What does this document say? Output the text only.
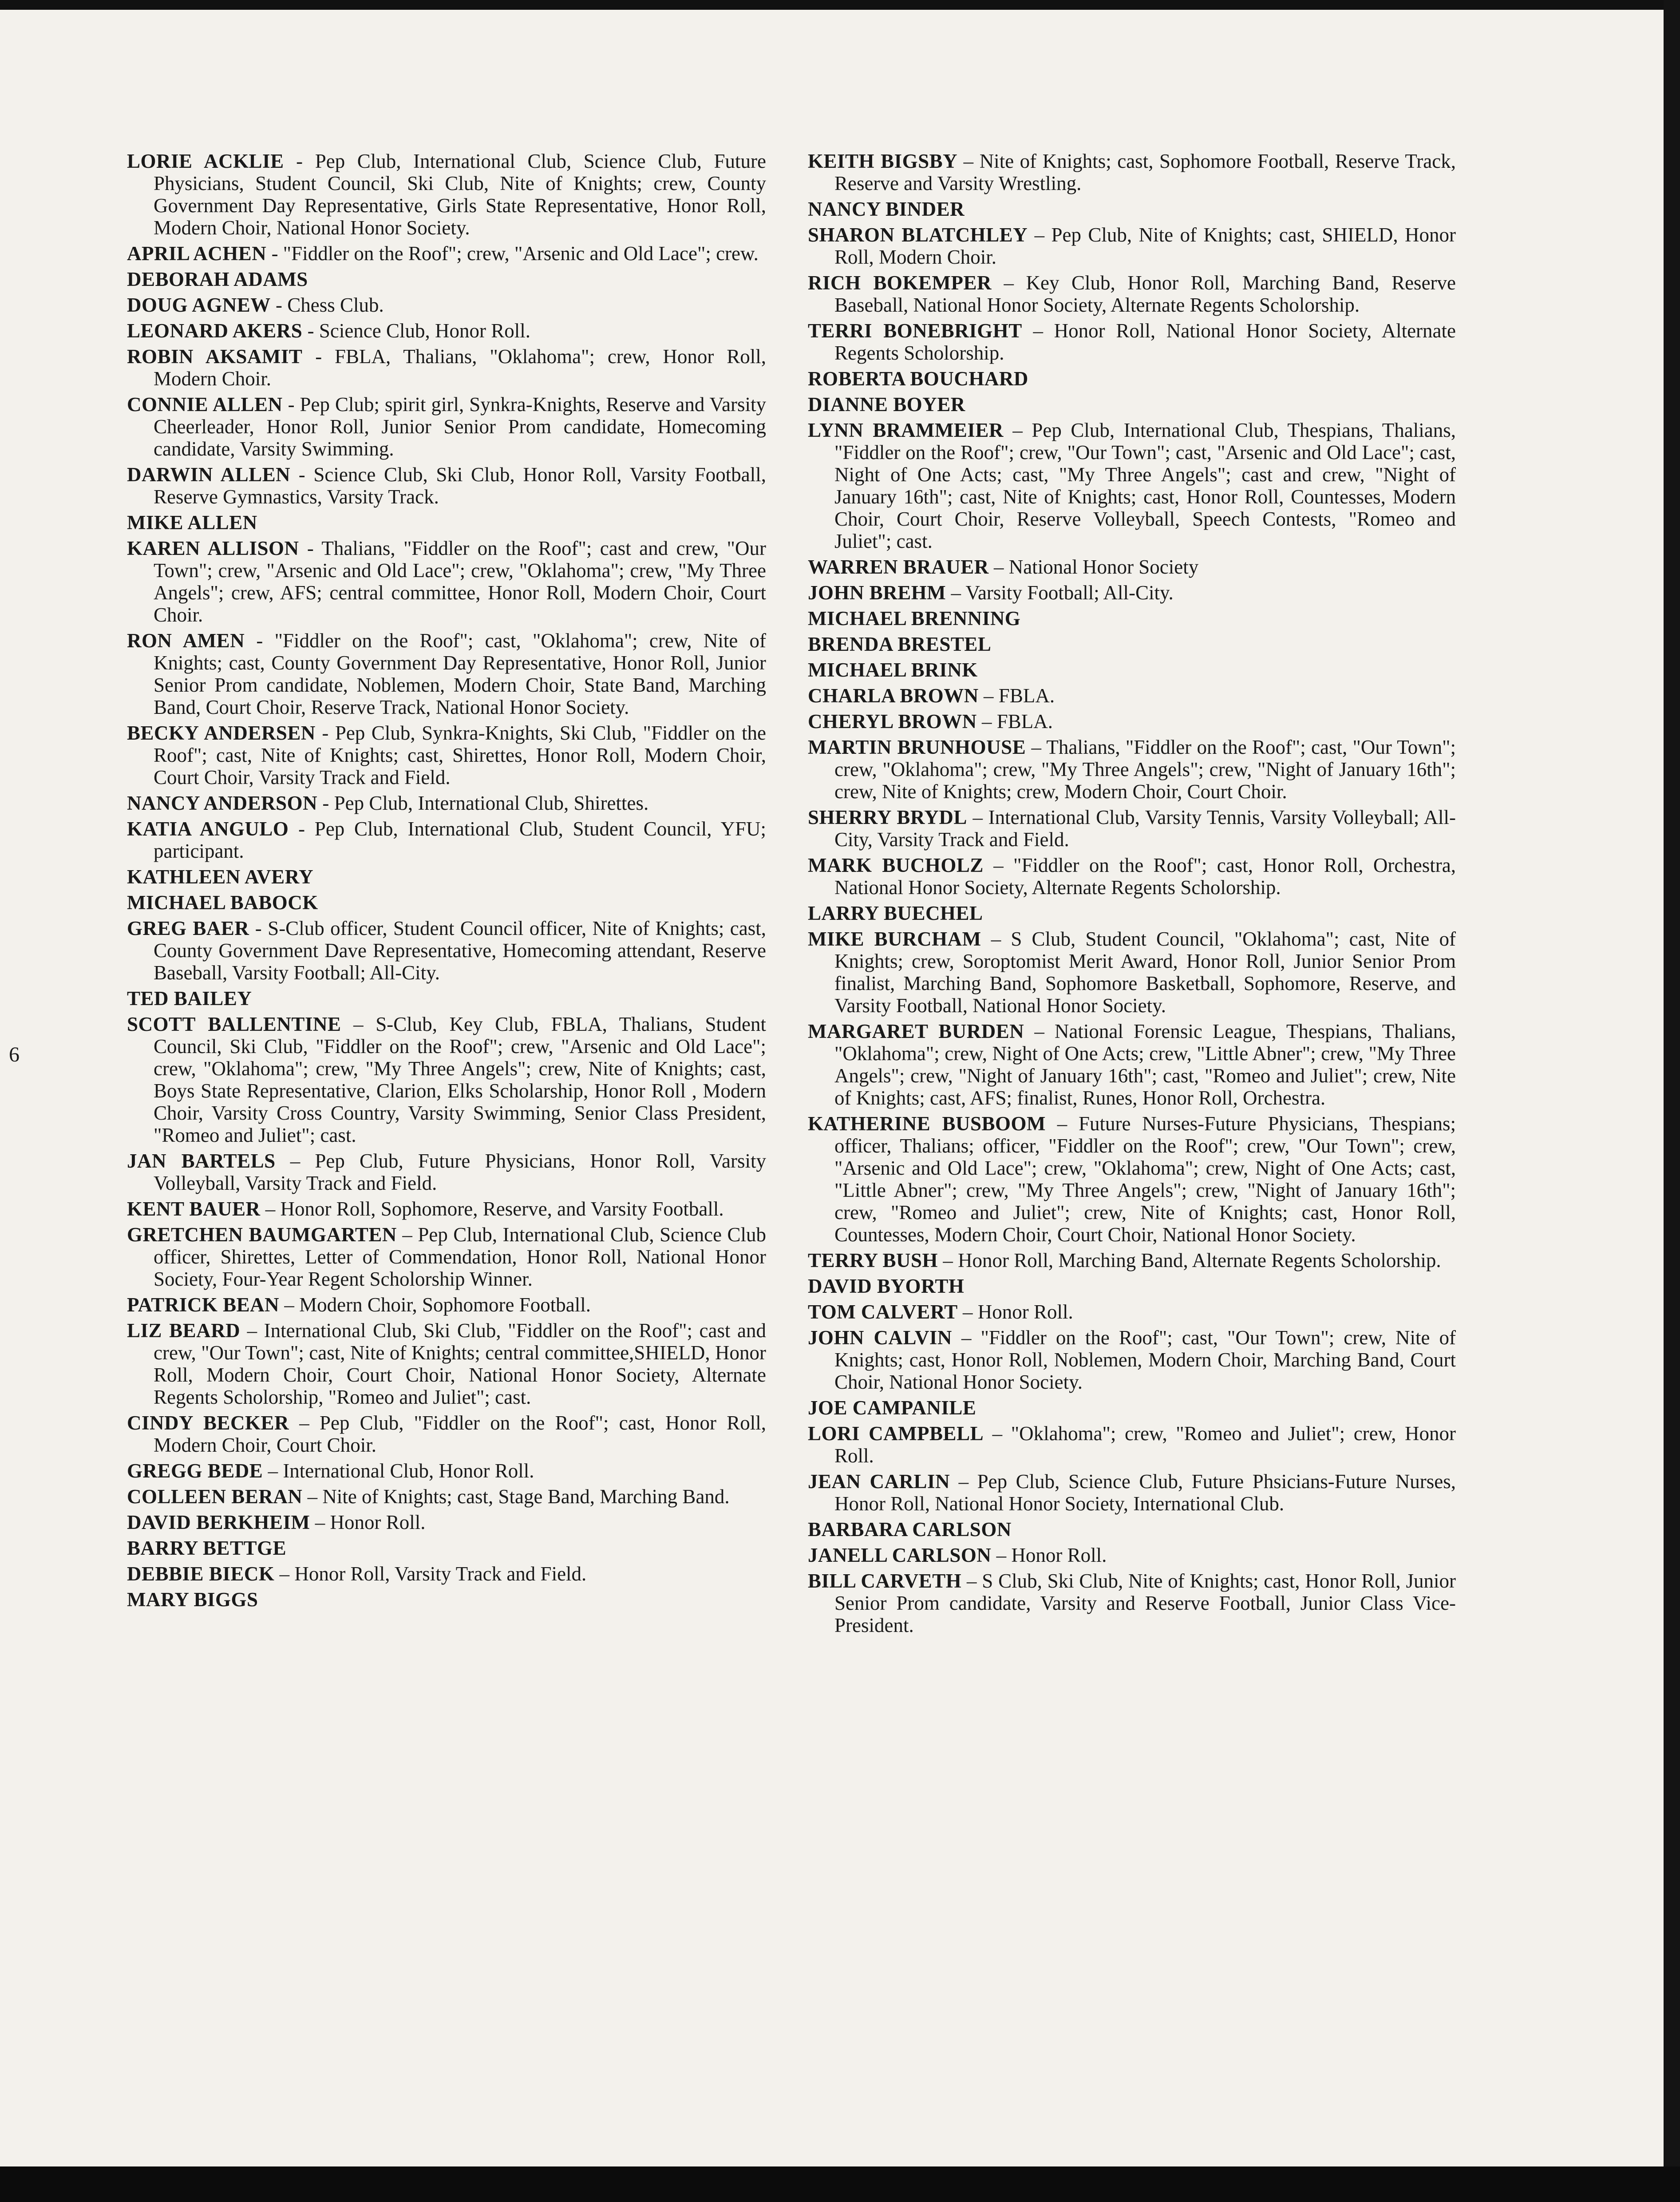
6

LORIE ACKLIE - Pep Club, International Club, Science Club, Future Physicians, Student Council, Ski Club, Nite of Knights; crew, County Government Day Representative, Girls State Representative, Honor Roll, Modern Choir, National Honor Society.

APRIL ACHEN - "Fiddler on the Roof"; crew, "Arsenic and Old Lace"; crew.

DEBORAH ADAMS

DOUG AGNEW - Chess Club.

LEONARD AKERS - Science Club, Honor Roll.

ROBIN AKSAMIT - FBLA, Thalians, "Oklahoma"; crew, Honor Roll, Modern Choir.

CONNIE ALLEN - Pep Club; spirit girl, Synkra-Knights, Reserve and Varsity Cheerleader, Honor Roll, Junior Senior Prom candidate, Homecoming candidate, Varsity Swimming.

DARWIN ALLEN - Science Club, Ski Club, Honor Roll, Varsity Football, Reserve Gymnastics, Varsity Track.

MIKE ALLEN

KAREN ALLISON - Thalians, "Fiddler on the Roof"; cast and crew, "Our Town"; crew, "Arsenic and Old Lace"; crew, "Oklahoma"; crew, "My Three Angels"; crew, AFS; central committee, Honor Roll, Modern Choir, Court Choir.

RON AMEN - "Fiddler on the Roof"; cast, "Oklahoma"; crew, Nite of Knights; cast, County Government Day Representative, Honor Roll, Junior Senior Prom candidate, Noblemen, Modern Choir, State Band, Marching Band, Court Choir, Reserve Track, National Honor Society.

BECKY ANDERSEN - Pep Club, Synkra-Knights, Ski Club, "Fiddler on the Roof"; cast, Nite of Knights; cast, Shirettes, Honor Roll, Modern Choir, Court Choir, Varsity Track and Field.

NANCY ANDERSON - Pep Club, International Club, Shirettes.

KATIA ANGULO - Pep Club, International Club, Student Council, YFU; participant.

KATHLEEN AVERY

MICHAEL BABOCK

GREG BAER - S-Club officer, Student Council officer, Nite of Knights; cast, County Government Dave Representative, Homecoming attendant, Reserve Baseball, Varsity Football; All-City.

TED BAILEY

SCOTT BALLENTINE – S-Club, Key Club, FBLA, Thalians, Student Council, Ski Club, "Fiddler on the Roof"; crew, "Arsenic and Old Lace"; crew, "Oklahoma"; crew, "My Three Angels"; crew, Nite of Knights; cast, Boys State Representative, Clarion, Elks Scholarship, Honor Roll , Modern Choir, Varsity Cross Country, Varsity Swimming, Senior Class President, "Romeo and Juliet"; cast.

JAN BARTELS – Pep Club, Future Physicians, Honor Roll, Varsity Volleyball, Varsity Track and Field.

KENT BAUER – Honor Roll, Sophomore, Reserve, and Varsity Football.

GRETCHEN BAUMGARTEN – Pep Club, International Club, Science Club officer, Shirettes, Letter of Commendation, Honor Roll, National Honor Society, Four-Year Regent Scholorship Winner.

PATRICK BEAN – Modern Choir, Sophomore Football.

LIZ BEARD – International Club, Ski Club, "Fiddler on the Roof"; cast and crew, "Our Town"; cast, Nite of Knights; central committee,SHIELD, Honor Roll, Modern Choir, Court Choir, National Honor Society, Alternate Regents Scholorship, "Romeo and Juliet"; cast.

CINDY BECKER – Pep Club, "Fiddler on the Roof"; cast, Honor Roll, Modern Choir, Court Choir.

GREGG BEDE – International Club, Honor Roll.

COLLEEN BERAN – Nite of Knights; cast, Stage Band, Marching Band.

DAVID BERKHEIM – Honor Roll.

BARRY BETTGE

DEBBIE BIECK – Honor Roll, Varsity Track and Field.

MARY BIGGS

KEITH BIGSBY – Nite of Knights; cast, Sophomore Football, Reserve Track, Reserve and Varsity Wrestling.

NANCY BINDER

SHARON BLATCHLEY – Pep Club, Nite of Knights; cast, SHIELD, Honor Roll, Modern Choir.

RICH BOKEMPER – Key Club, Honor Roll, Marching Band, Reserve Baseball, National Honor Society, Alternate Regents Scholorship.

TERRI BONEBRIGHT – Honor Roll, National Honor Society, Alternate Regents Scholorship.

ROBERTA BOUCHARD

DIANNE BOYER

LYNN BRAMMEIER – Pep Club, International Club, Thespians, Thalians, "Fiddler on the Roof"; crew, "Our Town"; cast, "Arsenic and Old Lace"; cast, Night of One Acts; cast, "My Three Angels"; cast and crew, "Night of January 16th"; cast, Nite of Knights; cast, Honor Roll, Countesses, Modern Choir, Court Choir, Reserve Volleyball, Speech Contests, "Romeo and Juliet"; cast.

WARREN BRAUER – National Honor Society

JOHN BREHM – Varsity Football; All-City.

MICHAEL BRENNING

BRENDA BRESTEL

MICHAEL BRINK

CHARLA BROWN – FBLA.

CHERYL BROWN – FBLA.

MARTIN BRUNHOUSE – Thalians, "Fiddler on the Roof"; cast, "Our Town"; crew, "Oklahoma"; crew, "My Three Angels"; crew, "Night of January 16th"; crew, Nite of Knights; crew, Modern Choir, Court Choir.

SHERRY BRYDL – International Club, Varsity Tennis, Varsity Volleyball; All-City, Varsity Track and Field.

MARK BUCHOLZ – "Fiddler on the Roof"; cast, Honor Roll, Orchestra, National Honor Society, Alternate Regents Scholorship.

LARRY BUECHEL

MIKE BURCHAM – S Club, Student Council, "Oklahoma"; cast, Nite of Knights; crew, Soroptomist Merit Award, Honor Roll, Junior Senior Prom finalist, Marching Band, Sophomore Basketball, Sophomore, Reserve, and Varsity Football, National Honor Society.

MARGARET BURDEN – National Forensic League, Thespians, Thalians, "Oklahoma"; crew, Night of One Acts; crew, "Little Abner"; crew, "My Three Angels"; crew, "Night of January 16th"; cast, "Romeo and Juliet"; crew, Nite of Knights; cast, AFS; finalist, Runes, Honor Roll, Orchestra.

KATHERINE BUSBOOM – Future Nurses-Future Physicians, Thespians; officer, Thalians; officer, "Fiddler on the Roof"; crew, "Our Town"; crew, "Arsenic and Old Lace"; crew, "Oklahoma"; crew, Night of One Acts; cast, "Little Abner"; crew, "My Three Angels"; crew, "Night of January 16th"; crew, "Romeo and Juliet"; crew, Nite of Knights; cast, Honor Roll, Countesses, Modern Choir, Court Choir, National Honor Society.

TERRY BUSH – Honor Roll, Marching Band, Alternate Regents Scholorship.

DAVID BYORTH

TOM CALVERT – Honor Roll.

JOHN CALVIN – "Fiddler on the Roof"; cast, "Our Town"; crew, Nite of Knights; cast, Honor Roll, Noblemen, Modern Choir, Marching Band, Court Choir, National Honor Society.

JOE CAMPANILE

LORI CAMPBELL – "Oklahoma"; crew, "Romeo and Juliet"; crew, Honor Roll.

JEAN CARLIN – Pep Club, Science Club, Future Phsicians-Future Nurses, Honor Roll, National Honor Society, International Club.

BARBARA CARLSON

JANELL CARLSON – Honor Roll.

BILL CARVETH – S Club, Ski Club, Nite of Knights; cast, Honor Roll, Junior Senior Prom candidate, Varsity and Reserve Football, Junior Class Vice-President.
